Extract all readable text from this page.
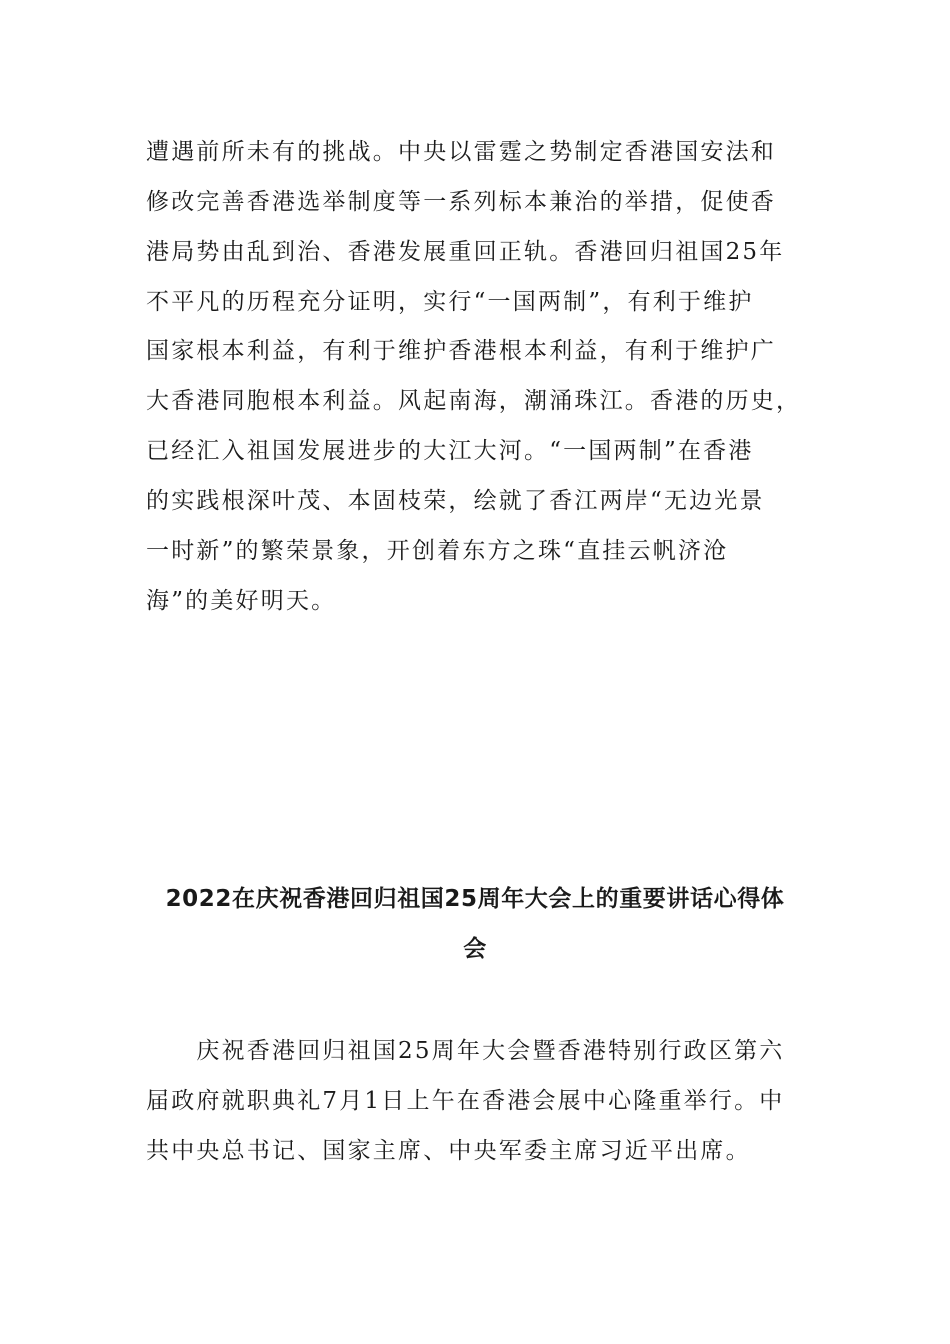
遭遇前所未有的挑战。中央以雷霆之势制定香港国安法和
修改完善香港选举制度等一系列标本兼治的举措，促使香
港局势由乱到治、香港发展重回正轨。香港回归祖国25年
不平凡的历程充分证明，实行“一国两制”，有利于维护
国家根本利益，有利于维护香港根本利益，有利于维护广
大香港同胞根本利益。风起南海，潮涌珠江。香港的历史，
已经汇入祖国发展进步的大江大河。“一国两制”在香港
的实践根深叶茂、本固枝荣，绘就了香江两岸“无边光景
一时新”的繁荣景象，开创着东方之珠“直挂云帆济沧
海”的美好明天。
2022在庆祝香港回归祖国25周年大会上的重要讲话心得体
会
　　庆祝香港回归祖国25周年大会暨香港特别行政区第六
届政府就职典礼7月1日上午在香港会展中心隆重举行。中
共中央总书记、国家主席、中央军委主席习近平出席。
